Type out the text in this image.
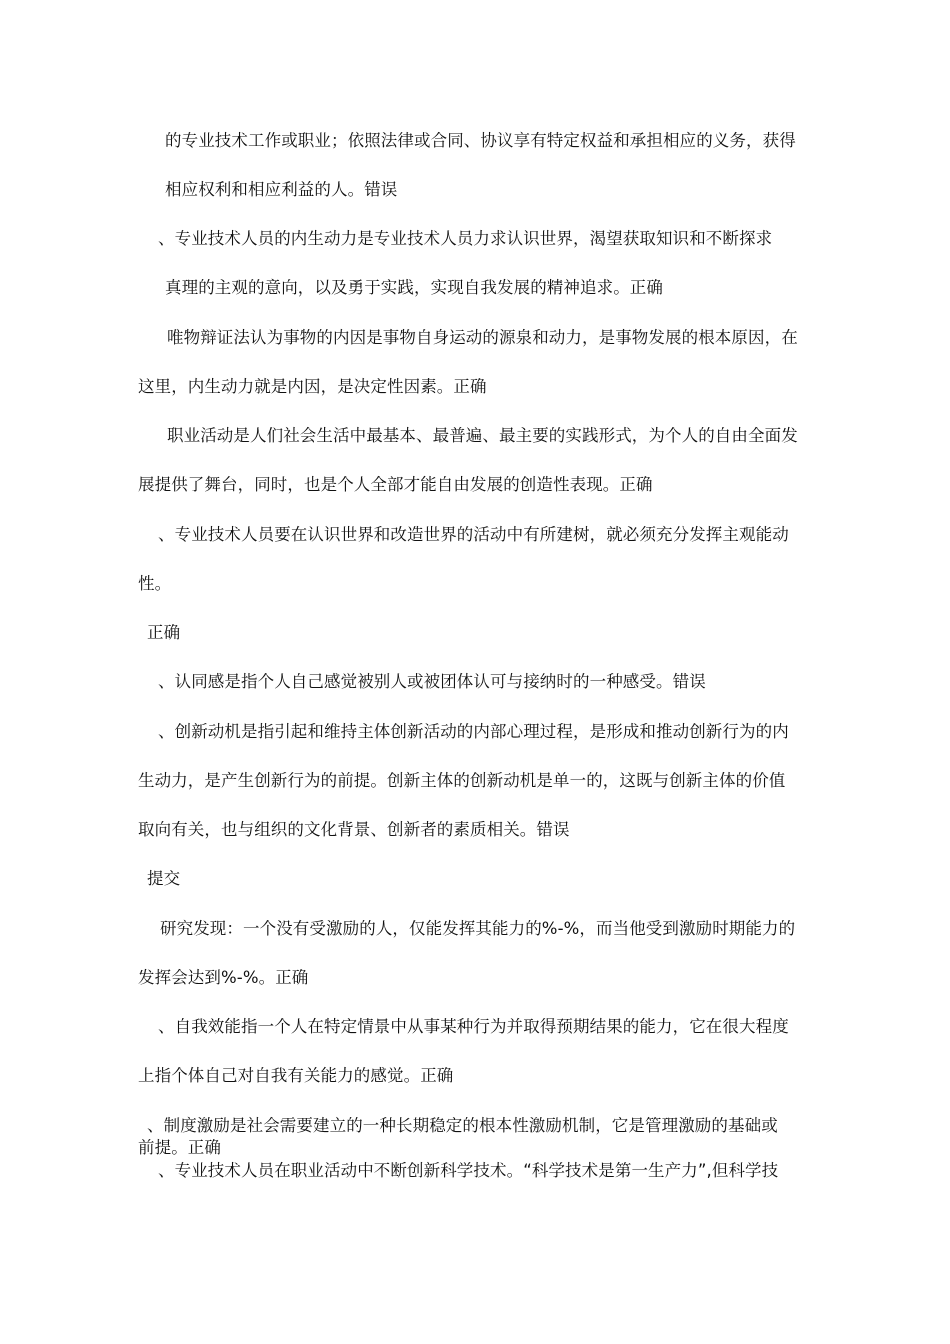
的专业技术工作或职业；依照法律或合同、协议享有特定权益和承担相应的义务，获得
相应权利和相应利益的人。错误
、专业技术人员的内生动力是专业技术人员力求认识世界，渴望获取知识和不断探求
真理的主观的意向，以及勇于实践，实现自我发展的精神追求。正确
唯物辩证法认为事物的内因是事物自身运动的源泉和动力，是事物发展的根本原因，在
这里，内生动力就是内因，是决定性因素。正确
职业活动是人们社会生活中最基本、最普遍、最主要的实践形式，为个人的自由全面发
展提供了舞台，同时，也是个人全部才能自由发展的创造性表现。正确
、专业技术人员要在认识世界和改造世界的活动中有所建树，就必须充分发挥主观能动
性。
正确
、认同感是指个人自己感觉被别人或被团体认可与接纳时的一种感受。错误
、创新动机是指引起和维持主体创新活动的内部心理过程，是形成和推动创新行为的内
生动力，是产生创新行为的前提。创新主体的创新动机是单一的，这既与创新主体的价值
取向有关，也与组织的文化背景、创新者的素质相关。错误
提交
研究发现：一个没有受激励的人，仅能发挥其能力的%-%，而当他受到激励时期能力的
发挥会达到%-%。正确
、自我效能指一个人在特定情景中从事某种行为并取得预期结果的能力，它在很大程度
上指个体自己对自我有关能力的感觉。正确
、制度激励是社会需要建立的一种长期稳定的根本性激励机制，它是管理激励的基础或
前提。正确
、专业技术人员在职业活动中不断创新科学技术。“科学技术是第一生产力”,但科学技
